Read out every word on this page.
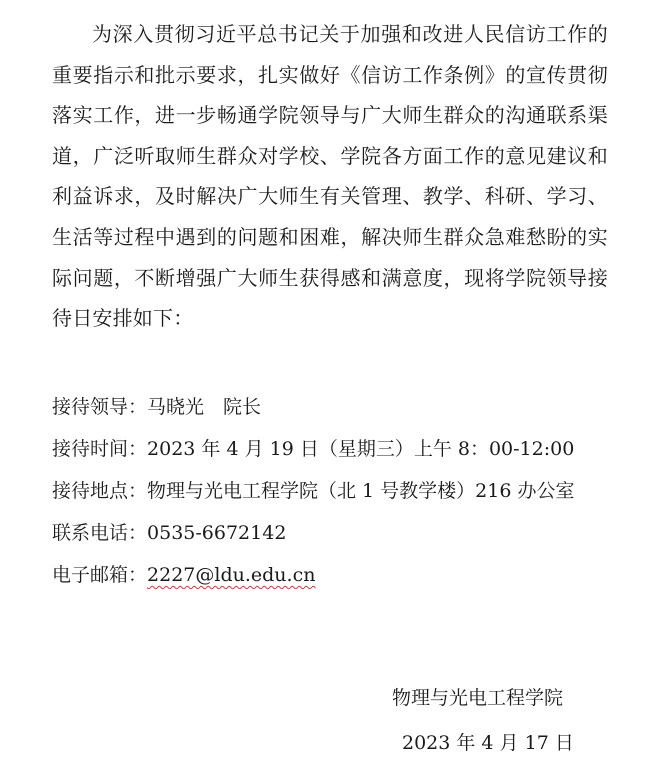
为深入贯彻习近平总书记关于加强和改进人民信访工作的重要指示和批示要求，扎实做好《信访工作条例》的宣传贯彻落实工作，进一步畅通学院领导与广大师生群众的沟通联系渠道，广泛听取师生群众对学校、学院各方面工作的意见建议和利益诉求，及时解决广大师生有关管理、教学、科研、学习、生活等过程中遇到的问题和困难，解决师生群众急难愁盼的实际问题，不断增强广大师生获得感和满意度，现将学院领导接待日安排如下：

接待领导：马晓光　院长
接待时间：2023 年 4 月 19 日（星期三）上午 8：00-12:00
接待地点：物理与光电工程学院（北 1 号教学楼）216 办公室
联系电话：0535-6672142
电子邮箱：2227@ldu.edu.cn
物理与光电工程学院
2023 年 4 月 17 日
